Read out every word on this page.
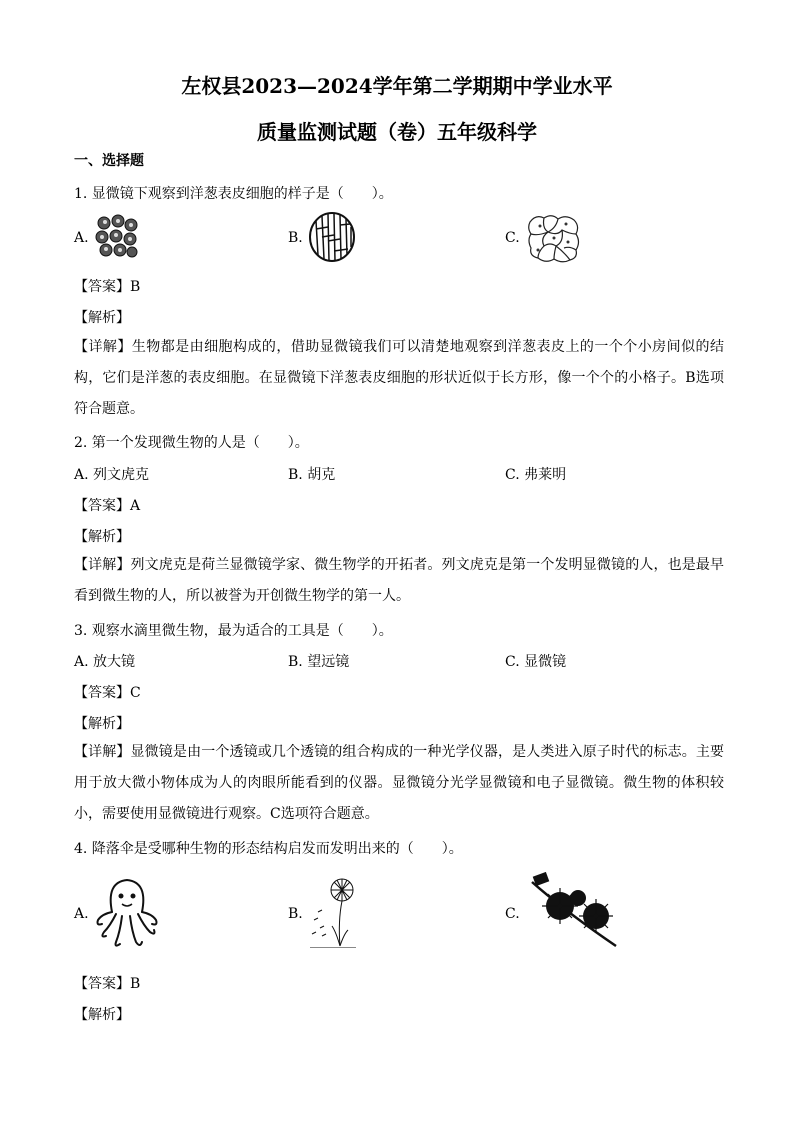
左权县2023—2024学年第二学期期中学业水平
质量监测试题（卷）五年级科学
一、选择题
1. 显微镜下观察到洋葱表皮细胞的样子是（　　）。
A.	B.	C.
【答案】B
【解析】
【详解】生物都是由细胞构成的，借助显微镜我们可以清楚地观察到洋葱表皮上的一个个小房间似的结构，它们是洋葱的表皮细胞。在显微镜下洋葱表皮细胞的形状近似于长方形，像一个个的小格子。B选项符合题意。
2. 第一个发现微生物的人是（　　）。
A. 列文虎克	B. 胡克	C. 弗莱明
【答案】A
【解析】
【详解】列文虎克是荷兰显微镜学家、微生物学的开拓者。列文虎克是第一个发明显微镜的人，也是最早看到微生物的人，所以被誉为开创微生物学的第一人。
3. 观察水滴里微生物，最为适合的工具是（　　）。
A. 放大镜	B. 望远镜	C. 显微镜
【答案】C
【解析】
【详解】显微镜是由一个透镜或几个透镜的组合构成的一种光学仪器，是人类进入原子时代的标志。主要用于放大微小物体成为人的肉眼所能看到的仪器。显微镜分光学显微镜和电子显微镜。微生物的体积较小，需要使用显微镜进行观察。C选项符合题意。
4. 降落伞是受哪种生物的形态结构启发而发明出来的（　　）。
A.	B.	C.
【答案】B
【解析】
